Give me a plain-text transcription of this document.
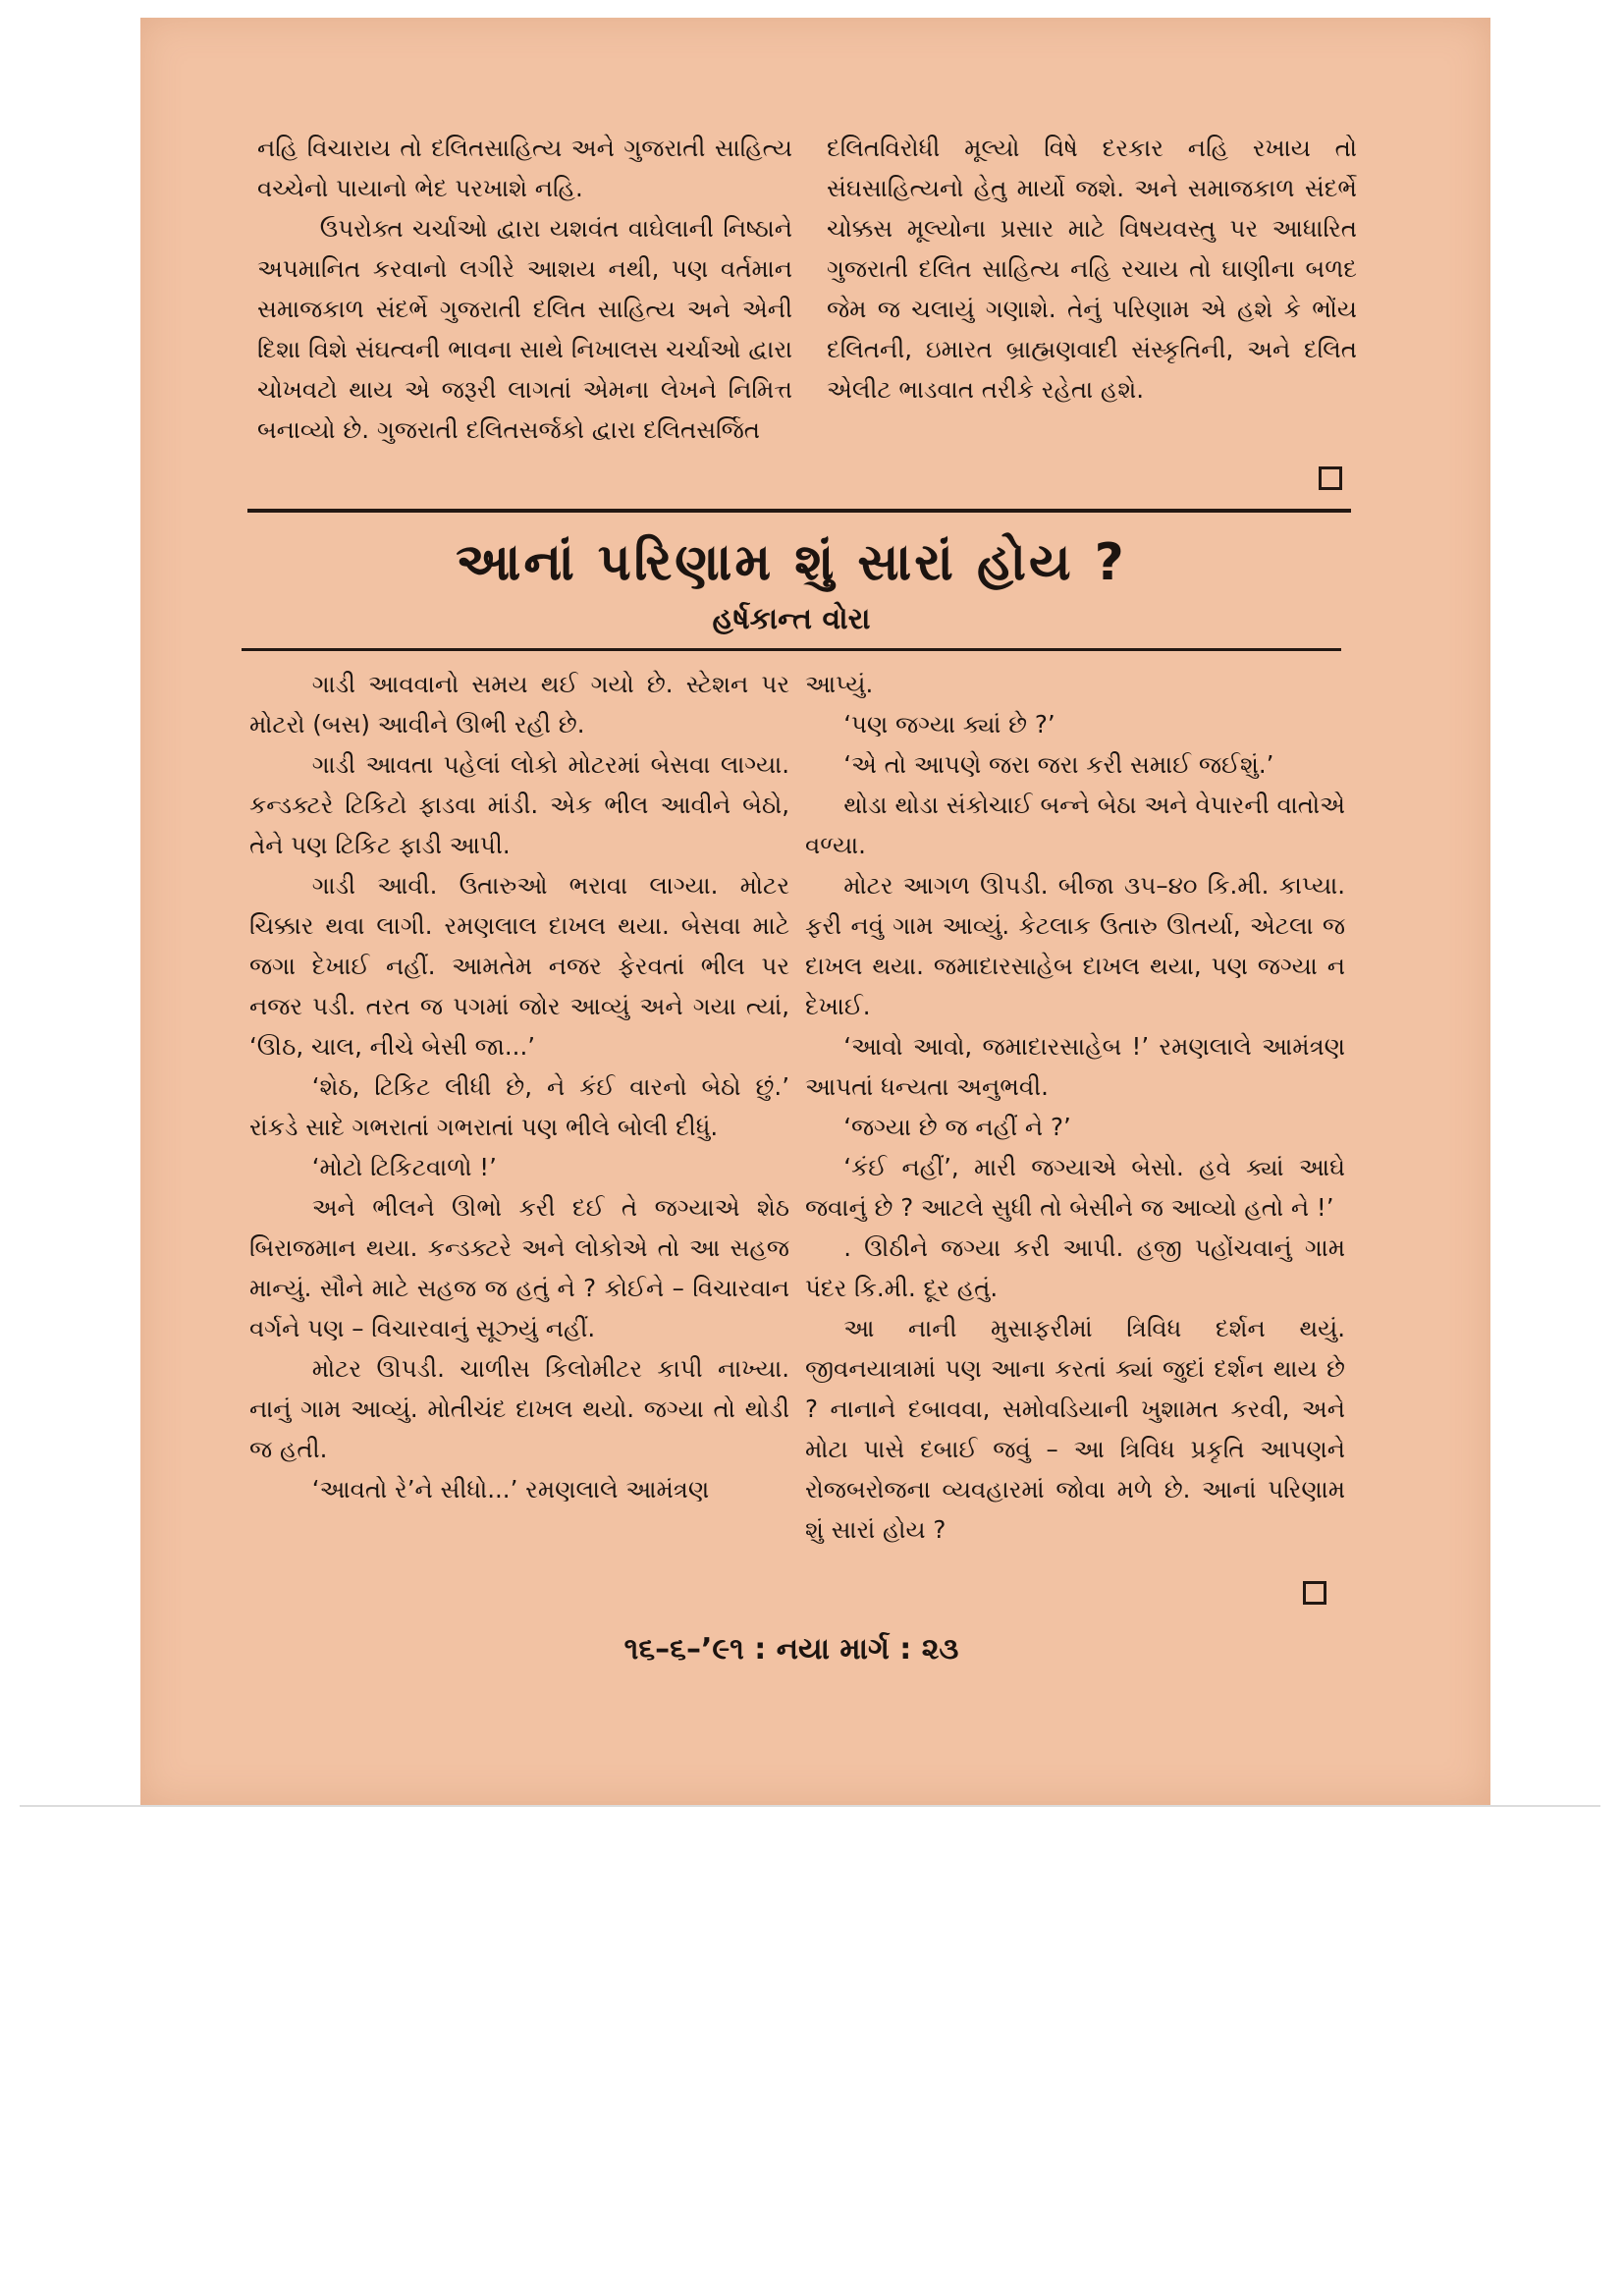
નહિ વિચારાય તો દલિતસાહિત્ય અને ગુજરાતી સાહિત્ય વચ્ચેનો પાયાનો ભેદ પરખાશે નહિ.

ઉપરોક્ત ચર્ચાઓ દ્વારા યશવંત વાઘેલાની નિષ્ઠાને અપમાનિત કરવાનો લગીરે આશય નથી, પણ વર્તમાન સમાજકાળ સંદર્ભે ગુજરાતી દલિત સાહિત્ય અને એની દિશા વિશે સંઘત્વની ભાવના સાથે નિખાલસ ચર્ચાઓ દ્વારા ચોખવટો થાય એ જરૂરી લાગતાં એમના લેખને નિમિત્ત બનાવ્યો છે. ગુજરાતી દલિતસર્જકો દ્વારા દલિતસર્જિત

દલિતવિરોધી મૂલ્યો વિષે દરકાર નહિ રખાય તો સંઘસાહિત્યનો હેતુ માર્યો જશે. અને સમાજકાળ સંદર્ભે ચોક્કસ મૂલ્યોના પ્રસાર માટે વિષયવસ્તુ પર આધારિત ગુજરાતી દલિત સાહિત્ય નહિ રચાય તો ઘાણીના બળદ જેમ જ ચલાયું ગણાશે. તેનું પરિણામ એ હશે કે ભોંય દલિતની, ઇમારત બ્રાહ્મણવાદી સંસ્કૃતિની, અને દલિત એલીટ ભાડવાત તરીકે રહેતા હશે.

આનાં પરિણામ શું સારાં હોય ?
હર્ષકાન્ત વોરા

ગાડી આવવાનો સમય થઈ ગયો છે. સ્ટેશન પર મોટરો (બસ) આવીને ઊભી રહી છે.

ગાડી આવતા પહેલાં લોકો મોટરમાં બેસવા લાગ્યા. કન્ડક્ટરે ટિકિટો ફાડવા માંડી. એક ભીલ આવીને બેઠો, તેને પણ ટિકિટ ફાડી આપી.

ગાડી આવી. ઉતારુઓ ભરાવા લાગ્યા. મોટર ચિક્કાર થવા લાગી. રમણલાલ દાખલ થયા. બેસવા માટે જગા દેખાઈ નહીં. આમતેમ નજર ફેરવતાં ભીલ પર નજર પડી. તરત જ પગમાં જોર આવ્યું અને ગયા ત્યાં, ‘ઊઠ, ચાલ, નીચે બેસી જા...’

‘શેઠ, ટિકિટ લીધી છે, ને કંઈ વારનો બેઠો છું.’ રાંકડે સાદે ગભરાતાં ગભરાતાં પણ ભીલે બોલી દીધું.

‘મોટો ટિકિટવાળો !’

અને ભીલને ઊભો કરી દઈ તે જગ્યાએ શેઠ બિરાજમાન થયા. કન્ડક્ટરે અને લોકોએ તો આ સહજ માન્યું. સૌને માટે સહજ જ હતું ને ? કોઈને – વિચારવાન વર્ગને પણ – વિચારવાનું સૂઝ્યું નહીં.

મોટર ઊપડી. ચાળીસ કિલોમીટર કાપી નાખ્યા. નાનું ગામ આવ્યું. મોતીચંદ દાખલ થયો. જગ્યા તો થોડી જ હતી.

‘આવતો રે’ને સીધો...’ રમણલાલે આમંત્રણ

આપ્યું.

‘પણ જગ્યા ક્યાં છે ?’

‘એ તો આપણે જરા જરા કરી સમાઈ જઈશું.’

થોડા થોડા સંકોચાઈ બન્ને બેઠા અને વેપારની વાતોએ વળ્યા.

મોટર આગળ ઊપડી. બીજા ૩૫–૪૦ કિ.મી. કાપ્યા. ફરી નવું ગામ આવ્યું. કેટલાક ઉતારુ ઊતર્યા, એટલા જ દાખલ થયા. જમાદારસાહેબ દાખલ થયા, પણ જગ્યા ન દેખાઈ.

‘આવો આવો, જમાદારસાહેબ !’ રમણલાલે આમંત્રણ આપતાં ધન્યતા અનુભવી.

‘જગ્યા છે જ નહીં ને ?’

‘કંઈ નહીં’, મારી જગ્યાએ બેસો. હવે ક્યાં આઘે જવાનું છે ? આટલે સુધી તો બેસીને જ આવ્યો હતો ને !’

. ઊઠીને જગ્યા કરી આપી. હજી પહોંચવાનું ગામ પંદર કિ.મી. દૂર હતું.

આ નાની મુસાફરીમાં ત્રિવિધ દર્શન થયું. જીવનયાત્રામાં પણ આના કરતાં ક્યાં જુદાં દર્શન થાય છે ? નાનાને દબાવવા, સમોવડિયાની ખુશામત કરવી, અને મોટા પાસે દબાઈ જવું – આ ત્રિવિધ પ્રકૃતિ આપણને રોજબરોજના વ્યવહારમાં જોવા મળે છે. આનાં પરિણામ શું સારાં હોય ?

૧૬–૬–’૯૧ : નયા માર્ગ : ૨૩
